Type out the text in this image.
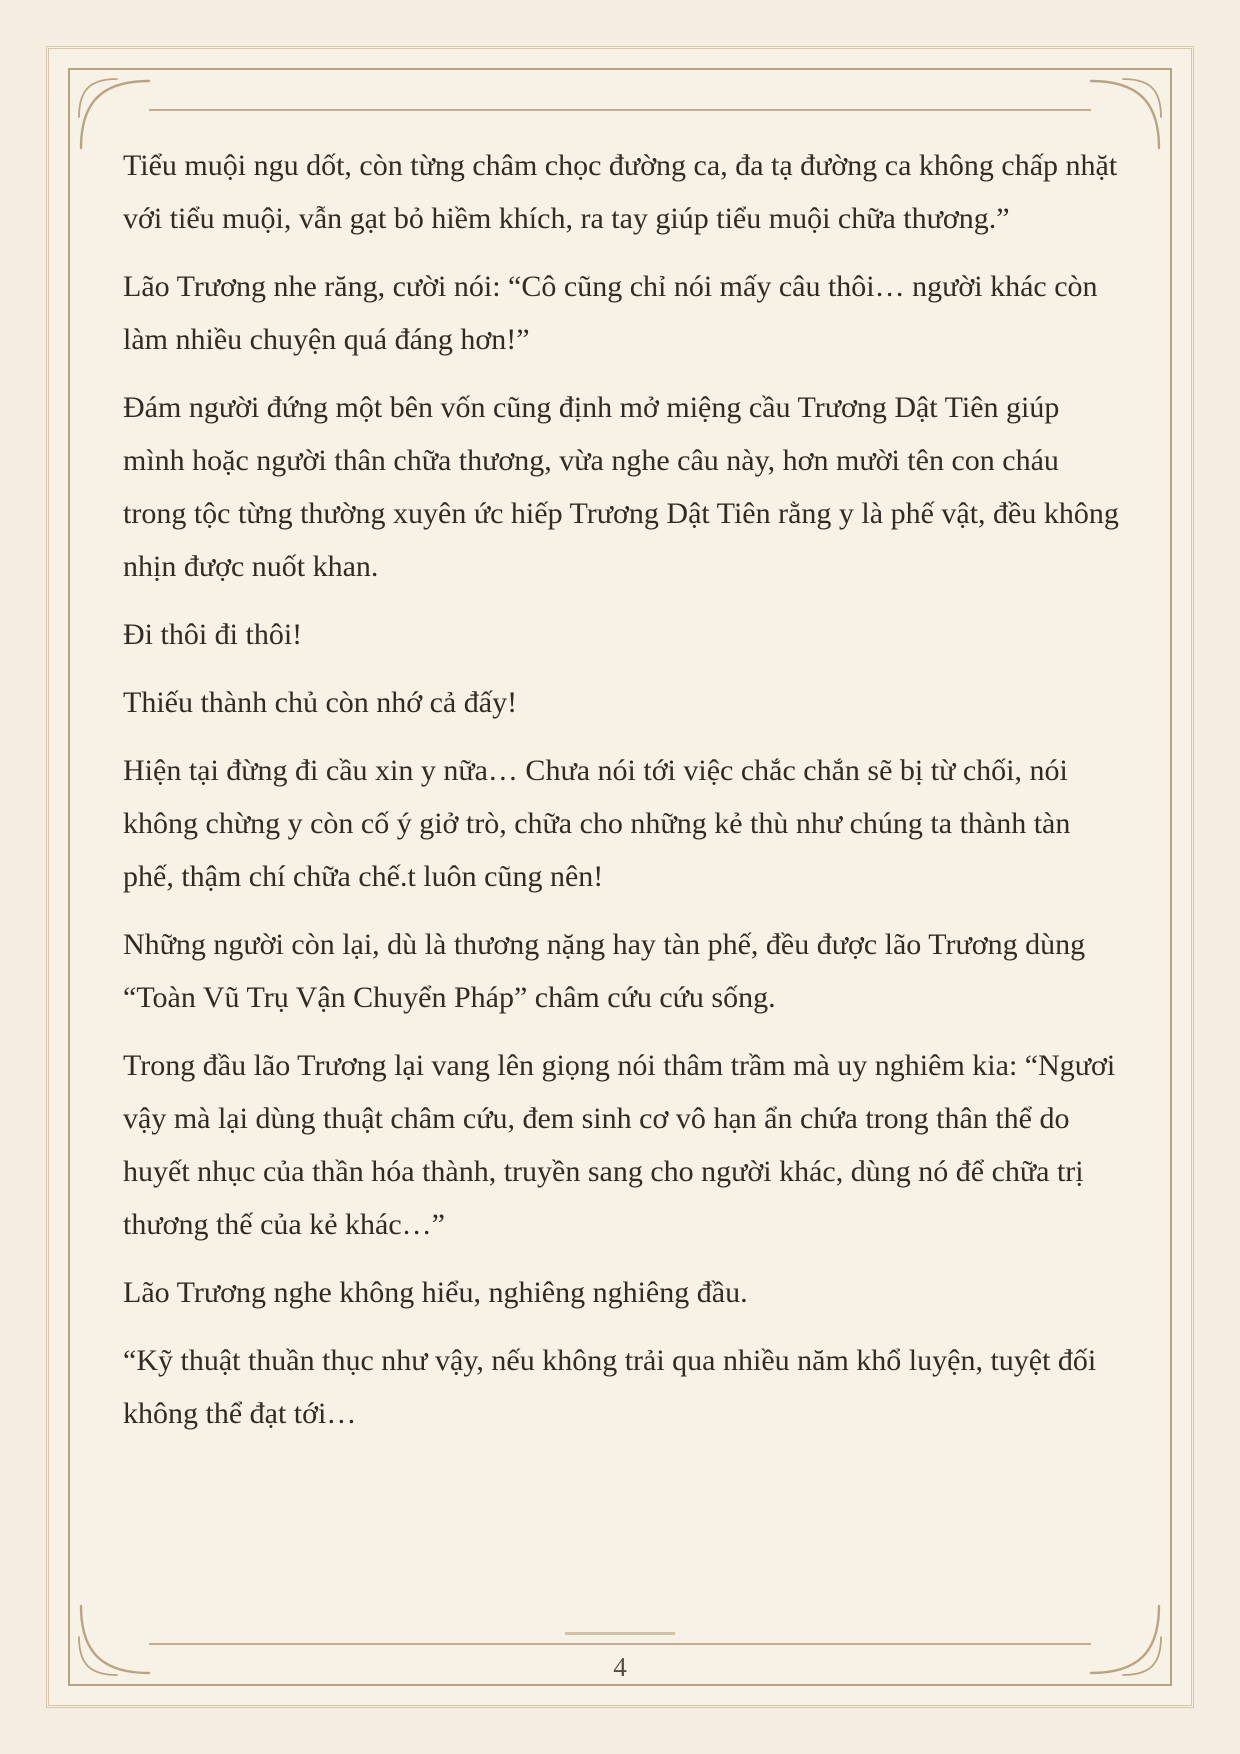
Tiểu muội ngu dốt, còn từng châm chọc đường ca, đa tạ đường ca không chấp nhặt với tiểu muội, vẫn gạt bỏ hiềm khích, ra tay giúp tiểu muội chữa thương.”

Lão Trương nhe răng, cười nói: “Cô cũng chỉ nói mấy câu thôi… người khác còn làm nhiều chuyện quá đáng hơn!”

Đám người đứng một bên vốn cũng định mở miệng cầu Trương Dật Tiên giúp mình hoặc người thân chữa thương, vừa nghe câu này, hơn mười tên con cháu trong tộc từng thường xuyên ức hiếp Trương Dật Tiên rằng y là phế vật, đều không nhịn được nuốt khan.

Đi thôi đi thôi!

Thiếu thành chủ còn nhớ cả đấy!

Hiện tại đừng đi cầu xin y nữa… Chưa nói tới việc chắc chắn sẽ bị từ chối, nói không chừng y còn cố ý giở trò, chữa cho những kẻ thù như chúng ta thành tàn phế, thậm chí chữa chế.t luôn cũng nên!

Những người còn lại, dù là thương nặng hay tàn phế, đều được lão Trương dùng “Toàn Vũ Trụ Vận Chuyển Pháp” châm cứu cứu sống.

Trong đầu lão Trương lại vang lên giọng nói thâm trầm mà uy nghiêm kia: “Ngươi vậy mà lại dùng thuật châm cứu, đem sinh cơ vô hạn ẩn chứa trong thân thể do huyết nhục của thần hóa thành, truyền sang cho người khác, dùng nó để chữa trị thương thế của kẻ khác…”

Lão Trương nghe không hiểu, nghiêng nghiêng đầu.

“Kỹ thuật thuần thục như vậy, nếu không trải qua nhiều năm khổ luyện, tuyệt đối không thể đạt tới…

4
